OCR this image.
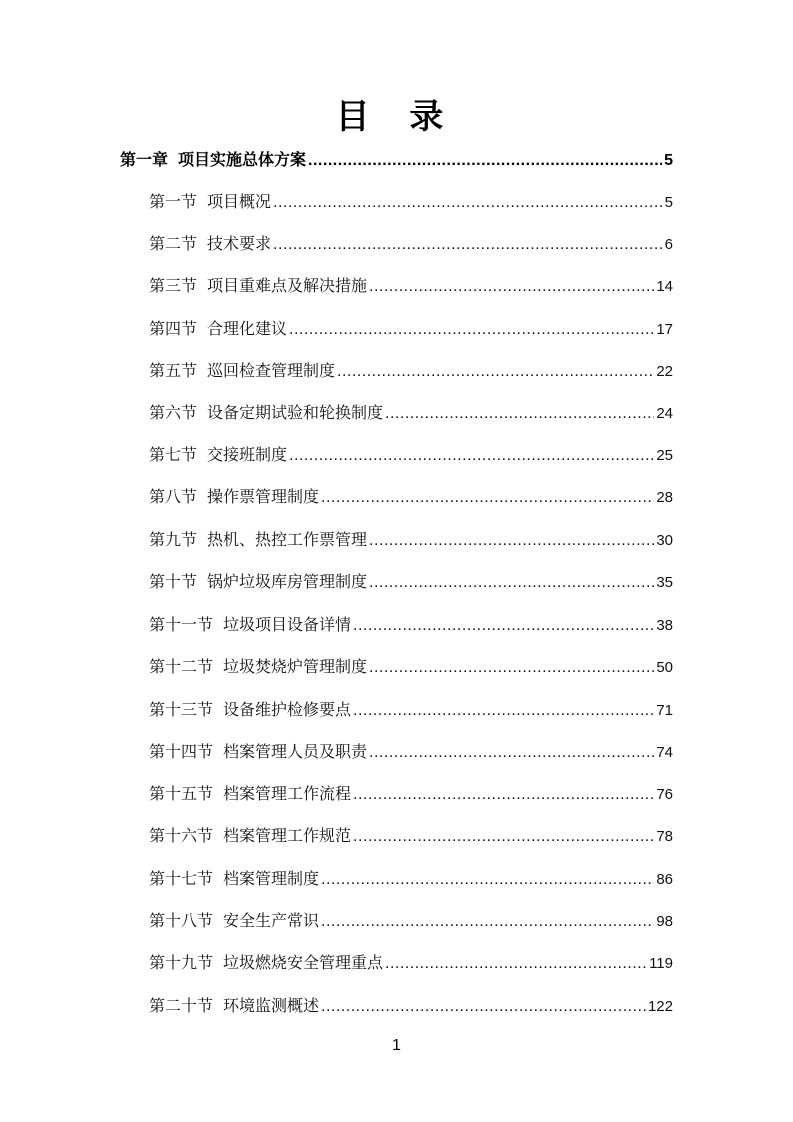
目 录
第一章 项目实施总体方案 .....	5
第一节 项目概况 .....	5
第二节 技术要求 .....	6
第三节 项目重难点及解决措施 .....	14
第四节 合理化建议 .....	17
第五节 巡回检查管理制度 .....	22
第六节 设备定期试验和轮换制度 .....	24
第七节 交接班制度 .....	25
第八节 操作票管理制度 .....	28
第九节 热机、热控工作票管理 .....	30
第十节 锅炉垃圾库房管理制度 .....	35
第十一节 垃圾项目设备详情 .....	38
第十二节 垃圾焚烧炉管理制度 .....	50
第十三节 设备维护检修要点 .....	71
第十四节 档案管理人员及职责 .....	74
第十五节 档案管理工作流程 .....	76
第十六节 档案管理工作规范 .....	78
第十七节 档案管理制度 .....	86
第十八节 安全生产常识 .....	98
第十九节 垃圾燃烧安全管理重点 .....	119
第二十节 环境监测概述 .....	122
1
